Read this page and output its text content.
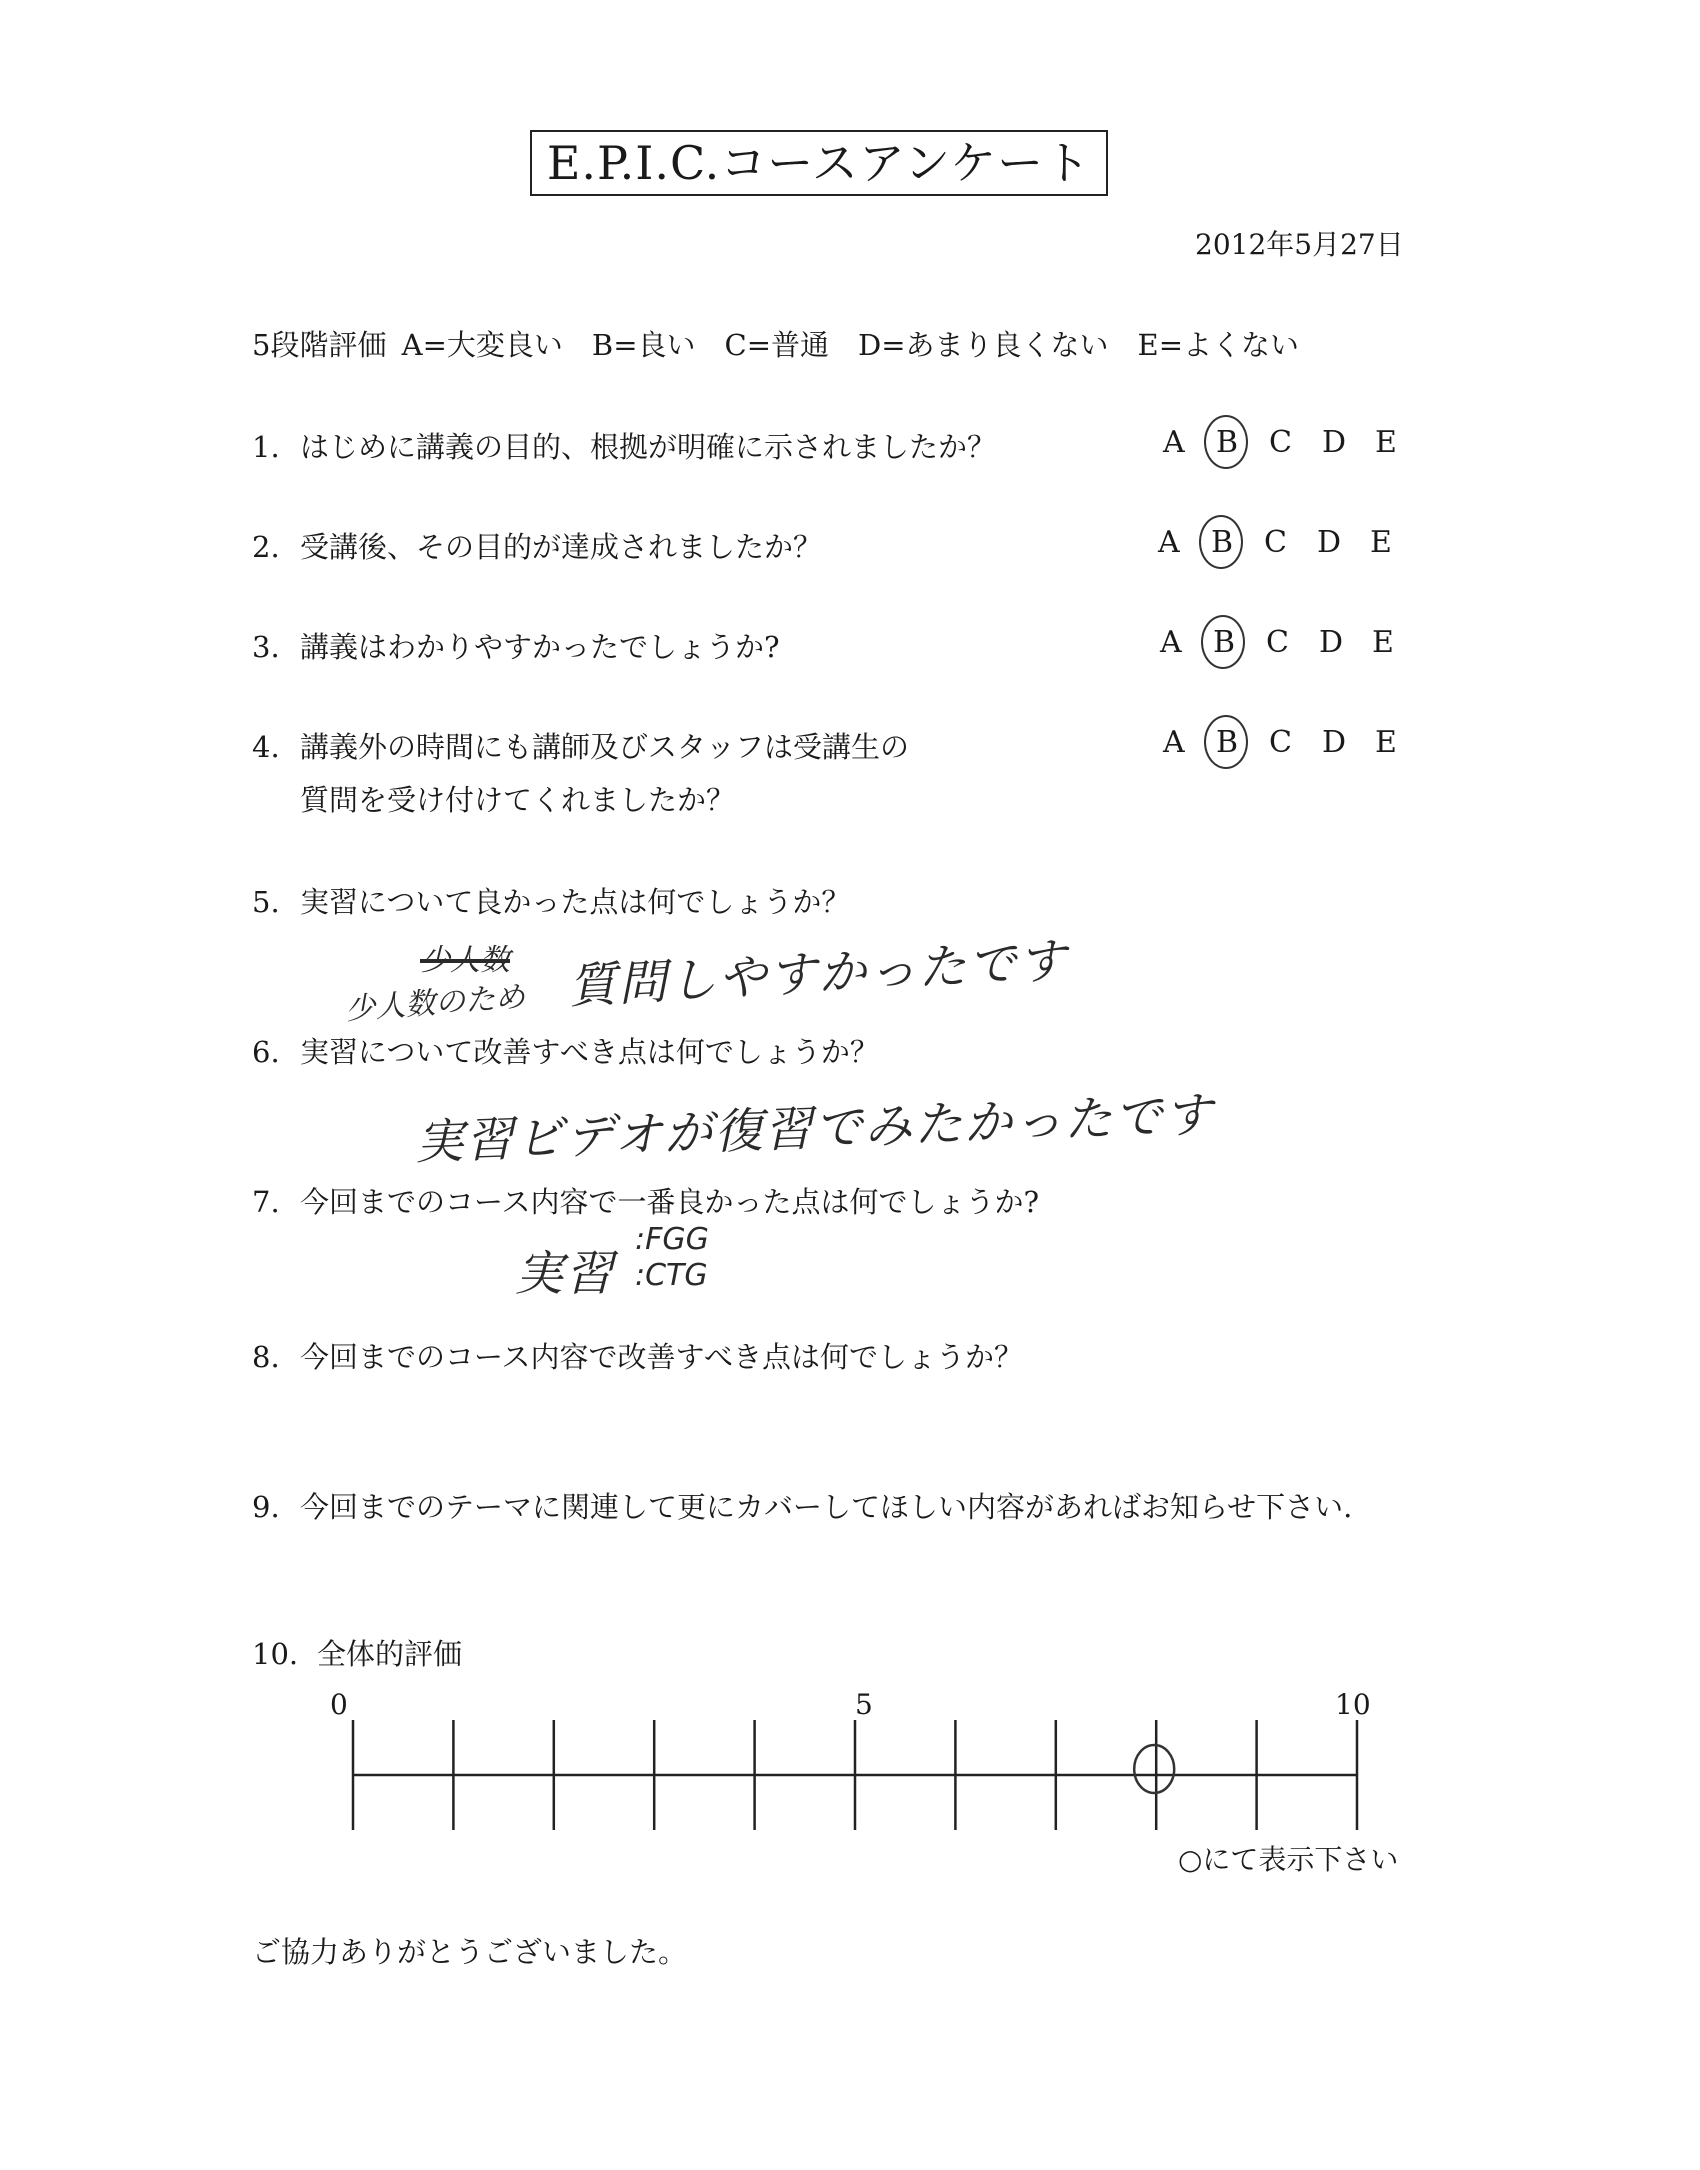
E.P.I.C.コースアンケート
2012年5月27日
5段階評価 A=大変良い　B=良い　C=普通　D=あまり良くない　E=よくない
1. はじめに講義の目的、根拠が明確に示されましたか？	A B C D E
2. 受講後、その目的が達成されましたか？	A B C D E
3. 講義はわかりやすかったでしょうか?	A B C D E
4. 講義外の時間にも講師及びスタッフは受講生の
質問を受け付けてくれましたか？
A B C D E
5. 実習について良かった点は何でしょうか？
少人数
少人数のため 質問しやすかったです
6. 実習について改善すべき点は何でしょうか？
実習ビデオが復習でみたかったです
7. 今回までのコース内容で一番良かった点は何でしょうか?
実習
:FGG
:CTG
8. 今回までのコース内容で改善すべき点は何でしょうか？
9. 今回までのテーマに関連して更にカバーしてほしい内容があればお知らせ下さい.
10. 全体的評価
0	5	10
○にて表示下さい
ご協力ありがとうございました。
